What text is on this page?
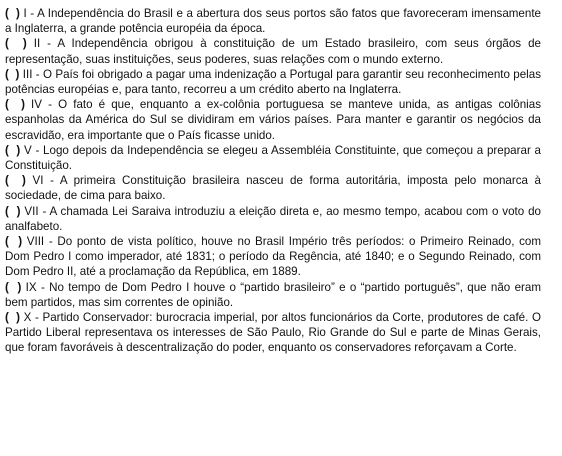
(  ) I - A Independência do Brasil e a abertura dos seus portos são fatos que favoreceram imensamente a Inglaterra, a grande potência européia da época.

(  ) II - A Independência obrigou à constituição de um Estado brasileiro, com seus órgãos de representação, suas instituições, seus poderes, suas relações com o mundo externo.

(  ) III - O País foi obrigado a pagar uma indenização a Portugal para garantir seu reconhecimento pelas potências européias e, para tanto, recorreu a um crédito aberto na Inglaterra.

(  ) IV - O fato é que, enquanto a ex-colônia portuguesa se manteve unida, as antigas colônias espanholas da América do Sul se dividiram em vários países. Para manter e garantir os negócios da escravidão, era importante que o País ficasse unido.

(  ) V - Logo depois da Independência se elegeu a Assembléia Constituinte, que começou a preparar a Constituição.

(  ) VI - A primeira Constituição brasileira nasceu de forma autoritária, imposta pelo monarca à sociedade, de cima para baixo.

(  ) VII - A chamada Lei Saraiva introduziu a eleição direta e, ao mesmo tempo, acabou com o voto do analfabeto.

(  ) VIII - Do ponto de vista político, houve no Brasil Império três períodos: o Primeiro Reinado, com Dom Pedro I como imperador, até 1831; o período da Regência, até 1840; e o Segundo Reinado, com Dom Pedro II, até a proclamação da República, em 1889.

(  ) IX - No tempo de Dom Pedro I houve o “partido brasileiro” e o “partido português”, que não eram bem partidos, mas sim correntes de opinião.

(  ) X - Partido Conservador: burocracia imperial, por altos funcionários da Corte, produtores de café. O Partido Liberal representava os interesses de São Paulo, Rio Grande do Sul e parte de Minas Gerais, que foram favoráveis à descentralização do poder, enquanto os conservadores reforçavam a Corte.
